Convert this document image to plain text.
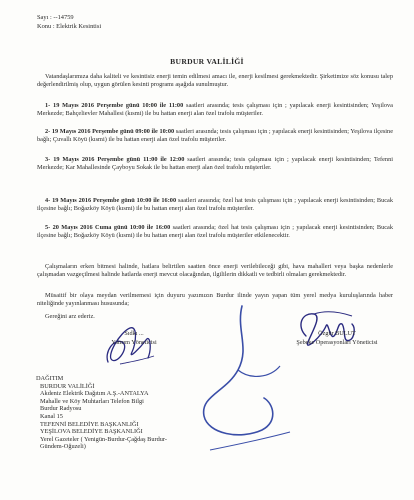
Sayı : --14759
Konu : Elektrik Kesintisi
BURDUR VALİLİĞİ
Vatandaşlarımıza daha kaliteli ve kesintisiz enerji temin edilmesi amacı ile, enerji kesilmesi gerekmektedir. Şirketimize söz konusu talep değerlendirilmiş olup, uygun görülen kesinti programı aşağıda sunulmuştur.
1- 19 Mayıs 2016 Perşembe günü 10:00 ile 11:00 saatleri arasında; tesis çalışması için ; yapılacak enerji kesintisinden; Yeşilova Merkezde; Bahçelievler Mahallesi (kısmi) ile bu hattan enerji alan özel trafolu müşteriler.
2- 19 Mayıs 2016 Perşembe günü 09:00 ile 10:00 saatleri arasında; tesis çalışması için ; yapılacak enerji kesintisinden; Yeşilova ilçesine bağlı; Çuvallı Köyü (kısmi) ile bu hattan enerji alan özel trafolu müşteriler.
3- 19 Mayıs 2016 Perşembe günü 11:00 ile 12:00 saatleri arasında; tesis çalışması için ; yapılacak enerji kesintisinden; Tefenni Merkezde; Kar Mahallesinde Çayboyu Sokak ile bu hattan enerji alan özel trafolu müşteriler.
4- 19 Mayıs 2016 Perşembe günü 10:00 ile 16:00 saatleri arasında; özel hat tesis çalışması için ; yapılacak enerji kesintisinden; Bucak ilçesine bağlı; Boğazköy Köyü (kısmi) ile bu hattan enerji alan özel trafolu müşteriler.
5- 20 Mayıs 2016 Cuma günü 10:00 ile 16:00 saatleri arasında; özel hat tesis çalışması için ; yapılacak enerji kesintisinden; Bucak ilçesine bağlı; Boğazköy Köyü (kısmi) ile bu hattan enerji alan özel trafolu müşteriler etkilenecektir.
Çalışmaların erken bitmesi halinde, hatlara belirtilen saatten önce enerji verilebileceği gibi, hava mahalleri veya başka nedenlerle çalışmadan vazgeçilmesi halinde hatlarda enerji mevcut olacağından, ilgililerin dikkatli ve tedbirli olmaları gerekmektedir.
Müsaitif bir olaya meydan verilmemesi için duyuru yazımızın Burdur ilinde yayın yapan tüm yerel medya kuruluşlarında haber niteliğinde yayınlanması hususunda;
Gereğini arz ederiz.
Sıdkı ...
Yatırım Yöneticisi
Özgür BULUT
Şebeke Operasyonları Yöneticisi
DAĞITIM
BURDUR VALİLİĞİ
Akdeniz Elektrik Dağıtım A.Ş.-ANTALYA
Mahalle ve Köy Muhtarları Telefon Bilgi
Burdur Radyosu
Kanal 15
TEFENNİ BELEDİYE BAŞKANLIĞI
YEŞİLOVA BELEDİYE BAŞKANLIĞI
Yerel Gazeteler ( Yenigün-Burdur-Çağdaş Burdur-
Gündem-Oğuzeli)
